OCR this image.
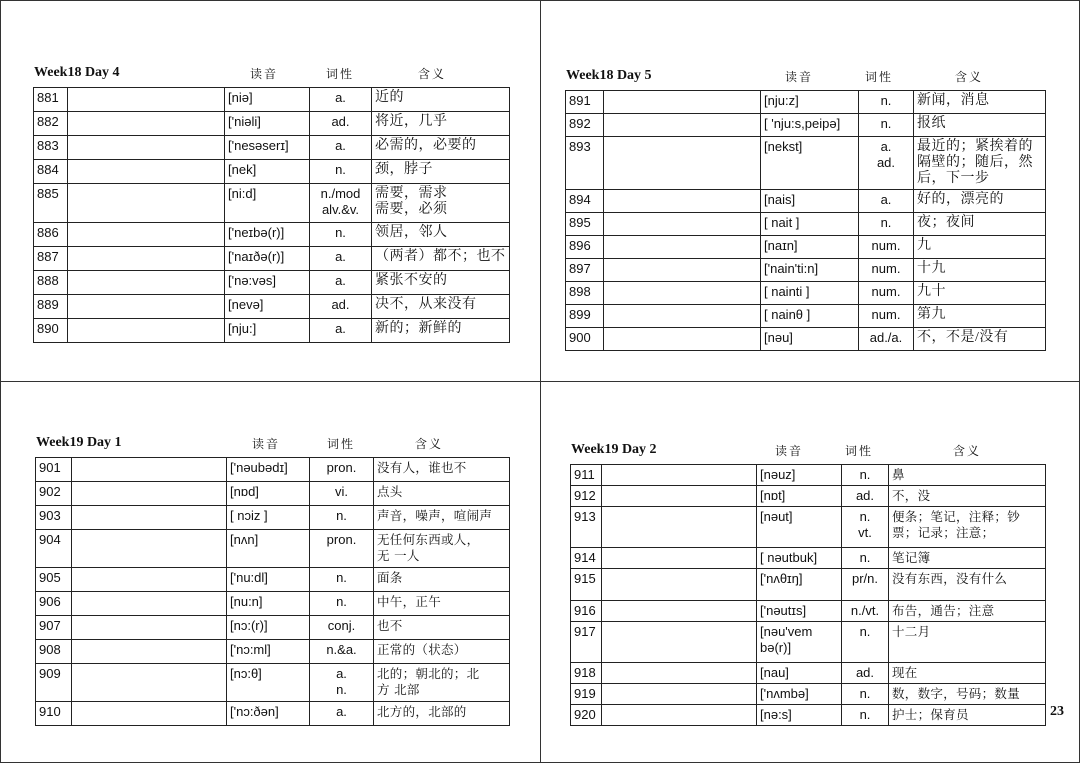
Week18 Day 4	读音	词性	含义
881		[niə]	a.	近的
882		['niəli]	ad.	将近，几乎
883		['nesəserɪ]	a.	必需的，必要的
884		[nek]	n.	颈，脖子
885		[ni:d]	n./mod
alv.&v.	需要，需求
需要，必须
886		['neɪbə(r)]	n.	领居，邻人
887		['naɪðə(r)]	a.	（两者）都不；也不
888		['nə:vəs]	a.	紧张不安的
889		[nevə]	ad.	决不，从来没有
890		[nju:]	a.	新的；新鲜的
Week18 Day 5	读音	词性	含义
891		[nju:z]	n.	新闻，消息
892		[ 'nju:s,peipə]	n.	报纸
893		[nekst]	a.
ad.	最近的；紧挨着的
隔壁的；随后，然
后，下一步
894		[nais]	a.	好的，漂亮的
895		[ nait ]	n.	夜；夜间
896		[naɪn]	num.	九
897		['nain'ti:n]	num.	十九
898		[ nainti ]	num.	九十
899		[ nainθ ]	num.	第九
900		[nəu]	ad./a.	不，不是/没有
Week19 Day 1	读音	词性	含义
901		['nəubədɪ]	pron.	没有人，谁也不
902		[nɒd]	vi.	点头
903		[ nɔiz ]	n.	声音，噪声，喧闹声
904		[nʌn]	pron.	无任何东西或人，
无 一人
905		['nu:dl]	n.	面条
906		[nu:n]	n.	中午，正午
907		[nɔ:(r)]	conj.	也不
908		['nɔ:ml]	n.&a.	正常的（状态）
909		[nɔ:θ]	a.
n.	北的；朝北的；北
方 北部
910		['nɔ:ðən]	a.	北方的，北部的
Week19 Day 2	读音	词性	含义
911		[nəuz]	n.	鼻
912		[nɒt]	ad.	不，没
913		[nəut]	n.
vt.	便条；笔记，注释；钞
票；记录；注意；
914		[ nəutbuk]	n.	笔记簿
915		['nʌθɪŋ]	pr/n.	没有东西，没有什么
916		['nəutɪs]	n./vt.	布告，通告；注意
917		[nəu'vem
bə(r)]	n.	十二月
918		[nau]	ad.	现在
919		['nʌmbə]	n.	数，数字，号码；数量
920		[nə:s]	n.	护士；保育员	23
